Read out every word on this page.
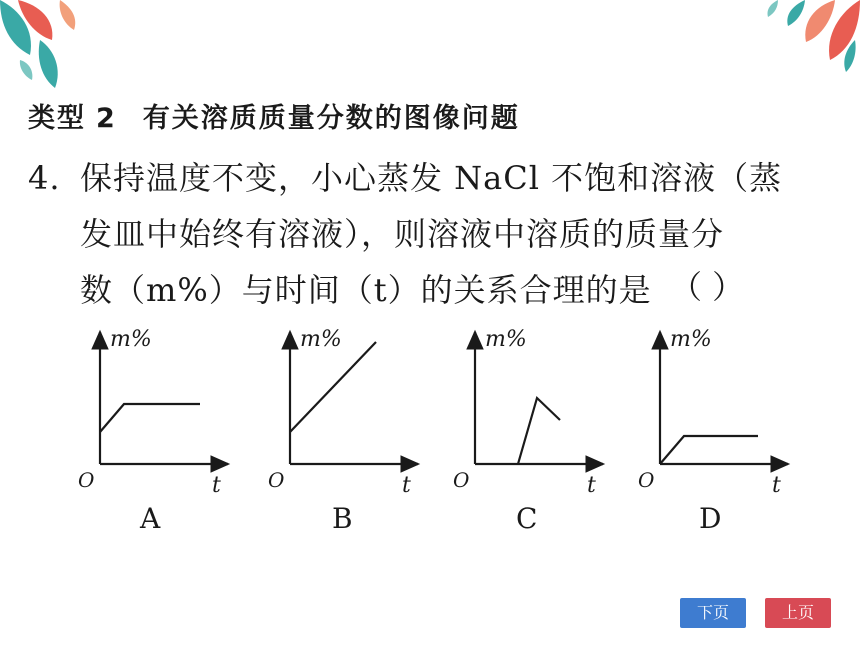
类型 2 有关溶质质量分数的图像问题
4. 保持温度不变，小心蒸发 NaCl 不饱和溶液（蒸
发皿中始终有溶液），则溶液中溶质的质量分
数（m%）与时间（t）的关系合理的是 （ ）
m%
O	t
A
m%
O	t
B
m%
O	t
C
m%
O	t
D
下页	上页
